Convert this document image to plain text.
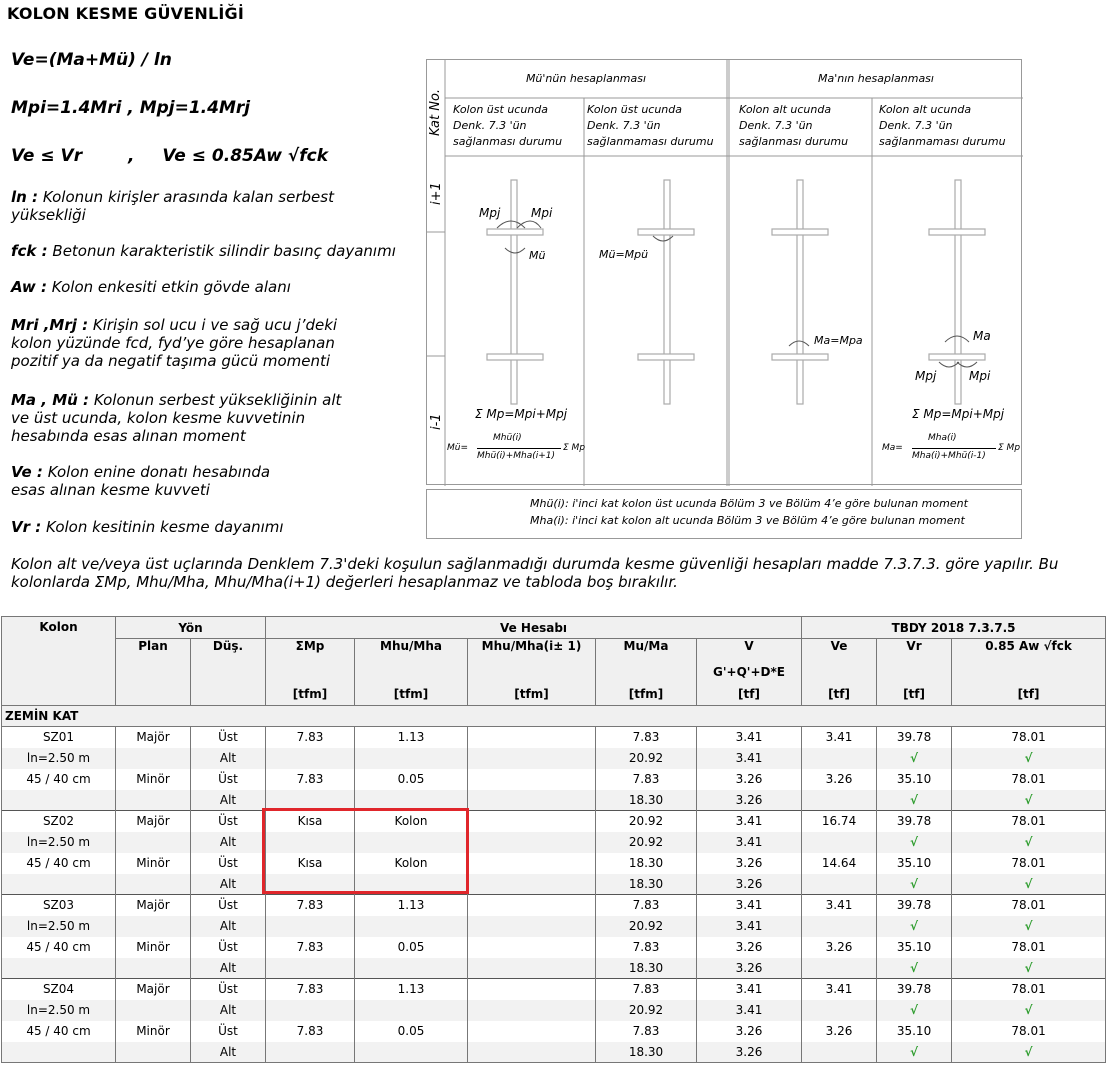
KOLON KESME GÜVENLİĞİ
Ve=(Ma+Mü) / ln
Mpi=1.4Mri , Mpj=1.4Mrj
Ve ≤ Vr	, Ve ≤ 0.85Aw √fck
ln : Kolonun kirişler arasında kalan serbest yüksekliği
fck : Betonun karakteristik silindir basınç dayanımı
Aw : Kolon enkesiti etkin gövde alanı
Mri ,Mrj : Kirişin sol ucu i ve sağ ucu j’deki kolon yüzünde fcd, fyd’ye göre hesaplanan pozitif ya da negatif taşıma gücü momenti
Ma , Mü : Kolonun serbest yüksekliğinin alt ve üst ucunda, kolon kesme kuvvetinin hesabında esas alınan moment
Ve : Kolon enine donatı hesabında esas alınan kesme kuvveti
Vr : Kolon kesitinin kesme dayanımı
Kat No.
i+1
i-1
Mü'nün hesaplanması	Ma'nın hesaplanması
Kolon üst ucunda
Denk. 7.3 'ün
sağlanması durumu
Kolon üst ucunda
Denk. 7.3 'ün
sağlanmaması durumu
Kolon alt ucunda
Denk. 7.3 'ün
sağlanması durumu
Kolon alt ucunda
Denk. 7.3 'ün
sağlanmaması durumu
Mpj	Mpi
Mü	Mü=Mpü
Ma=Mpa	Ma
Mpj	Mpi
Σ Mp=Mpi+Mpj	Σ Mp=Mpi+Mpj
Mü=
Mhü(i)
Mhü(i)+Mha(i+1)
Σ Mp	Ma=
Mha(i)
Mha(i)+Mhü(i-1)
Σ Mp
Mhü(i): i'inci kat kolon üst ucunda Bölüm 3 ve Bölüm 4’e göre bulunan moment
Mha(i): i'inci kat kolon alt ucunda Bölüm 3 ve Bölüm 4’e göre bulunan moment
Kolon alt ve/veya üst uçlarında Denklem 7.3'deki koşulun sağlanmadığı durumda kesme güvenliği hesapları madde 7.3.7.3. göre yapılır. Bu kolonlarda ΣMp, Mhu/Mha, Mhu/Mha(i+1) değerleri hesaplanmaz ve tabloda boş bırakılır.
Kolon	Yön		Ve Hesabı					TBDY 2018 7.3.7.5		
	Plan	Düş.	ΣMp	Mhu/Mha	Mhu/Mha(i± 1)	Mu/Ma	V	Ve	Vr	0.85 Aw √fck
							G'+Q'+D*E			
			[tfm]	[tfm]	[tfm]	[tfm]	[tf]	[tf]	[tf]	[tf]
ZEMİN KAT										
SZ01	Majör	Üst	7.83	1.13		7.83	3.41	3.41	39.78	78.01
ln=2.50 m		Alt				20.92	3.41		√	√
45 / 40 cm	Minör	Üst	7.83	0.05		7.83	3.26	3.26	35.10	78.01
		Alt				18.30	3.26		√	√
SZ02	Majör	Üst	Kısa	Kolon		20.92	3.41	16.74	39.78	78.01
ln=2.50 m		Alt				20.92	3.41		√	√
45 / 40 cm	Minör	Üst	Kısa	Kolon		18.30	3.26	14.64	35.10	78.01
		Alt				18.30	3.26		√	√
SZ03	Majör	Üst	7.83	1.13		7.83	3.41	3.41	39.78	78.01
ln=2.50 m		Alt				20.92	3.41		√	√
45 / 40 cm	Minör	Üst	7.83	0.05		7.83	3.26	3.26	35.10	78.01
		Alt				18.30	3.26		√	√
SZ04	Majör	Üst	7.83	1.13		7.83	3.41	3.41	39.78	78.01
ln=2.50 m		Alt				20.92	3.41		√	√
45 / 40 cm	Minör	Üst	7.83	0.05		7.83	3.26	3.26	35.10	78.01
		Alt				18.30	3.26		√	√
